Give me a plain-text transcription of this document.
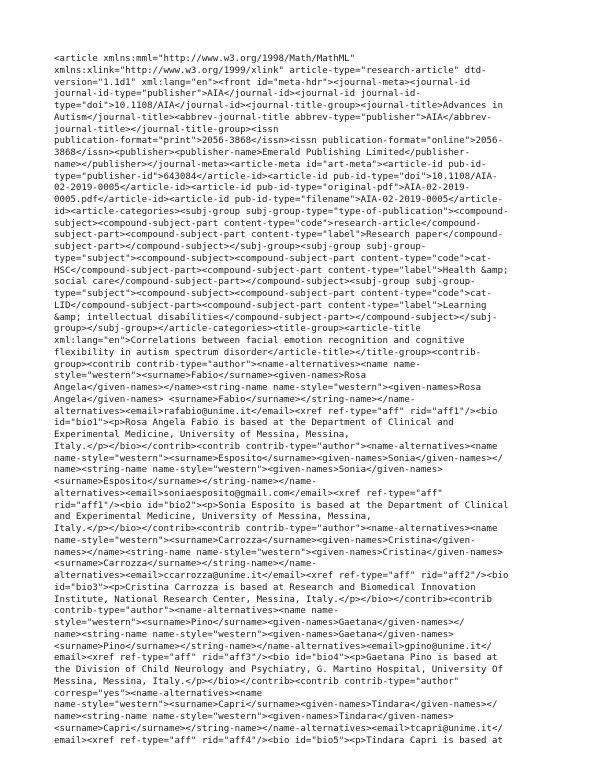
<article xmlns:mml="http://www.w3.org/1998/Math/MathML"
xmlns:xlink="http://www.w3.org/1999/xlink" article-type="research-article" dtd-
version="1.1d1" xml:lang="en"><front id="meta-hdr"><journal-meta><journal-id
journal-id-type="publisher">AIA</journal-id><journal-id journal-id-
type="doi">10.1108/AIA</journal-id><journal-title-group><journal-title>Advances in
Autism</journal-title><abbrev-journal-title abbrev-type="publisher">AIA</abbrev-
journal-title></journal-title-group><issn
publication-format="print">2056-3868</issn><issn publication-format="online">2056-
3868</issn><publisher><publisher-name>Emerald Publishing Limited</publisher-
name></publisher></journal-meta><article-meta id="art-meta"><article-id pub-id-
type="publisher-id">643084</article-id><article-id pub-id-type="doi">10.1108/AIA-
02-2019-0005</article-id><article-id pub-id-type="original-pdf">AIA-02-2019-
0005.pdf</article-id><article-id pub-id-type="filename">AIA-02-2019-0005</article-
id><article-categories><subj-group subj-group-type="type-of-publication"><compound-
subject><compound-subject-part content-type="code">research-article</compound-
subject-part><compound-subject-part content-type="label">Research paper</compound-
subject-part></compound-subject></subj-group><subj-group subj-group-
type="subject"><compound-subject><compound-subject-part content-type="code">cat-
HSC</compound-subject-part><compound-subject-part content-type="label">Health &amp;
social care</compound-subject-part></compound-subject><subj-group subj-group-
type="subject"><compound-subject><compound-subject-part content-type="code">cat-
LID</compound-subject-part><compound-subject-part content-type="label">Learning
&amp; intellectual disabilities</compound-subject-part></compound-subject></subj-
group></subj-group></article-categories><title-group><article-title
xml:lang="en">Correlations between facial emotion recognition and cognitive
flexibility in autism spectrum disorder</article-title></title-group><contrib-
group><contrib contrib-type="author"><name-alternatives><name name-
style="western"><surname>Fabio</surname><given-names>Rosa
Angela</given-names></name><string-name name-style="western"><given-names>Rosa
Angela</given-names> <surname>Fabio</surname></string-name></name-
alternatives><email>rafabio@unime.it</email><xref ref-type="aff" rid="aff1"/><bio
id="bio1"><p>Rosa Angela Fabio is based at the Department of Clinical and
Experimental Medicine, University of Messina, Messina,
Italy.</p></bio></contrib><contrib contrib-type="author"><name-alternatives><name
name-style="western"><surname>Esposito</surname><given-names>Sonia</given-names></
name><string-name name-style="western"><given-names>Sonia</given-names>
<surname>Esposito</surname></string-name></name-
alternatives><email>soniaesposito@gmail.com</email><xref ref-type="aff"
rid="aff1"/><bio id="bio2"><p>Sonia Esposito is based at the Department of Clinical
and Experimental Medicine, University of Messina, Messina,
Italy.</p></bio></contrib><contrib contrib-type="author"><name-alternatives><name
name-style="western"><surname>Carrozza</surname><given-names>Cristina</given-
names></name><string-name name-style="western"><given-names>Cristina</given-names>
<surname>Carrozza</surname></string-name></name-
alternatives><email>ccarrozza@unime.it</email><xref ref-type="aff" rid="aff2"/><bio
id="bio3"><p>Cristina Carrozza is based at Research and Biomedical Innovation
Institute, National Research Center, Messina, Italy.</p></bio></contrib><contrib
contrib-type="author"><name-alternatives><name name-
style="western"><surname>Pino</surname><given-names>Gaetana</given-names></
name><string-name name-style="western"><given-names>Gaetana</given-names>
<surname>Pino</surname></string-name></name-alternatives><email>gpino@unime.it</
email><xref ref-type="aff" rid="aff3"/><bio id="bio4"><p>Gaetana Pino is based at
the Division of Child Neurology and Psychiatry, G. Martino Hospital, University Of
Messina, Messina, Italy.</p></bio></contrib><contrib contrib-type="author"
corresp="yes"><name-alternatives><name
name-style="western"><surname>Capri</surname><given-names>Tindara</given-names></
name><string-name name-style="western"><given-names>Tindara</given-names>
<surname>Capri</surname></string-name></name-alternatives><email>tcapri@unime.it</
email><xref ref-type="aff" rid="aff4"/><bio id="bio5"><p>Tindara Capri is based at
